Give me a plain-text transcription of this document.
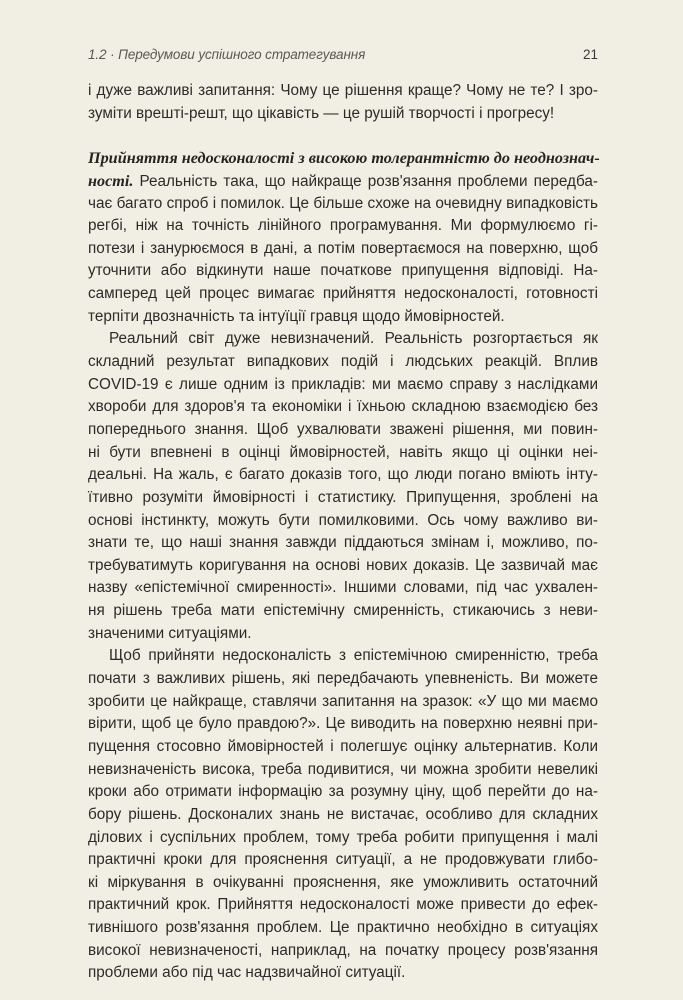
1.2 · Передумови успішного стратегування	21
і дуже важливі запитання: Чому це рішення краще? Чому не те? І зро-
зуміти врешті-решт, що цікавість — це рушій творчості і прогресу!
Прийняття недосконалості з високою толерантністю до неоднознач-
ності. Реальність така, що найкраще розв'язання проблеми передба-
чає багато спроб і помилок. Це більше схоже на очевидну випадковість
регбі, ніж на точність лінійного програмування. Ми формулюємо гі-
потези і занурюємося в дані, а потім повертаємося на поверхню, щоб
уточнити або відкинути наше початкове припущення відповіді. На-
самперед цей процес вимагає прийняття недосконалості, готовності
терпіти двозначність та інтуїції гравця щодо ймовірностей.
Реальний світ дуже невизначений. Реальність розгортається як
складний результат випадкових подій і людських реакцій. Вплив
COVID-19 є лише одним із прикладів: ми маємо справу з наслідками
хвороби для здоров'я та економіки і їхньою складною взаємодією без
попереднього знання. Щоб ухвалювати зважені рішення, ми повин-
ні бути впевнені в оцінці ймовірностей, навіть якщо ці оцінки неі-
деальні. На жаль, є багато доказів того, що люди погано вміють інту-
їтивно розуміти ймовірності і статистику. Припущення, зроблені на
основі інстинкту, можуть бути помилковими. Ось чому важливо ви-
знати те, що наші знання завжди піддаються змінам і, можливо, по-
требуватимуть коригування на основі нових доказів. Це зазвичай має
назву «епістемічної смиренності». Іншими словами, під час ухвален-
ня рішень треба мати епістемічну смиренність, стикаючись з неви-
значеними ситуаціями.
Щоб прийняти недосконалість з епістемічною смиренністю, треба
почати з важливих рішень, які передбачають упевненість. Ви можете
зробити це найкраще, ставлячи запитання на зразок: «У що ми маємо
вірити, щоб це було правдою?». Це виводить на поверхню неявні при-
пущення стосовно ймовірностей і полегшує оцінку альтернатив. Коли
невизначеність висока, треба подивитися, чи можна зробити невеликі
кроки або отримати інформацію за розумну ціну, щоб перейти до на-
бору рішень. Досконалих знань не вистачає, особливо для складних
ділових і суспільних проблем, тому треба робити припущення і малі
практичні кроки для прояснення ситуації, а не продовжувати глибо-
кі міркування в очікуванні прояснення, яке уможливить остаточний
практичний крок. Прийняття недосконалості може привести до ефек-
тивнішого розв'язання проблем. Це практично необхідно в ситуаціях
високої невизначеності, наприклад, на початку процесу розв'язання
проблеми або під час надзвичайної ситуації.
